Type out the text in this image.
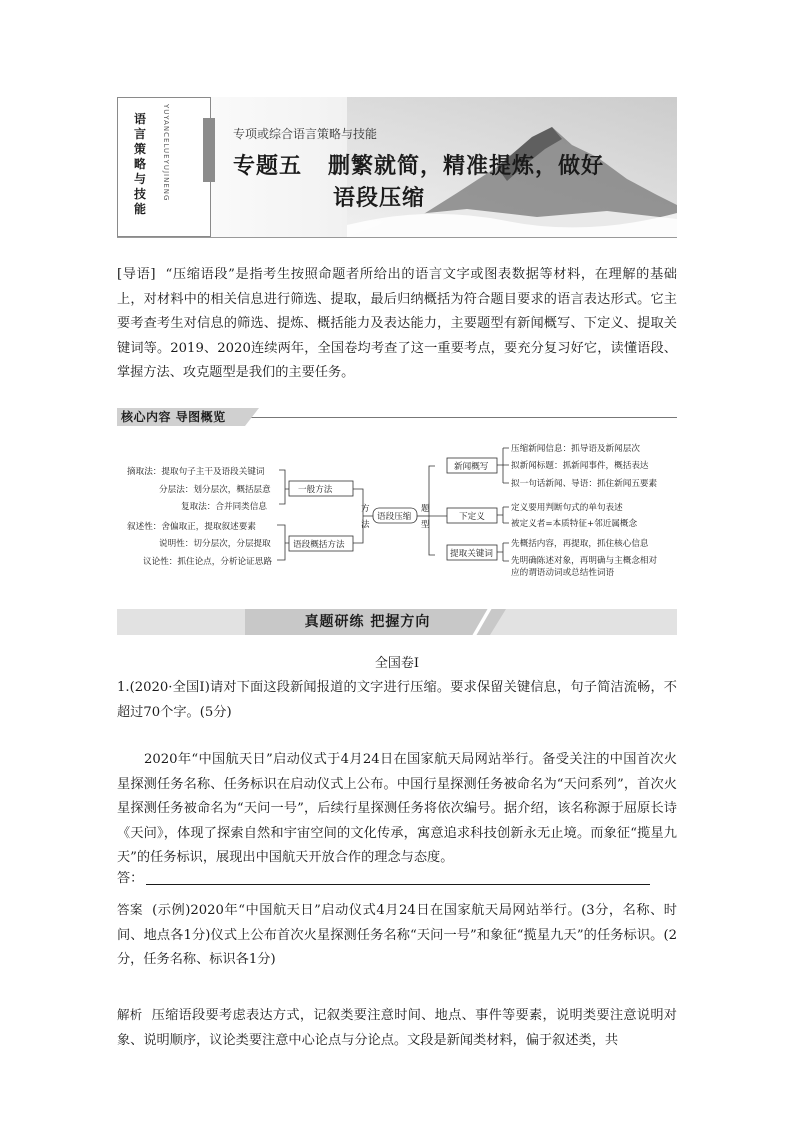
语言策略与技能
YUYANCELUEYUJINENG	专项或综合语言策略与技能
专题五 删繁就简，精准提炼，做好
语段压缩
[导语] “压缩语段”是指考生按照命题者所给出的语言文字或图表数据等材料，在理解的基础上，对材料中的相关信息进行筛选、提取，最后归纳概括为符合题目要求的语言表达形式。它主要考查考生对信息的筛选、提炼、概括能力及表达能力，主要题型有新闻概写、下定义、提取关键词等。2019、2020连续两年，全国卷均考查了这一重要考点，要充分复习好它，读懂语段、掌握方法、攻克题型是我们的主要任务。
核心内容 导图概览
摘取法：提取句子主干及语段关键词
分层法：划分层次，概括层意
复取法：合并同类信息
叙述性：舍偏取正，提取叙述要素
说明性：切分层次，分层提取
议论性：抓住论点，分析论证思路
一般方法
语段概括方法
方
法
语段压缩
题
型
新闻概写
下定义
提取关键词
压缩新闻信息：抓导语及新闻层次
拟新闻标题：抓新闻事件，概括表达
拟一句话新闻、导语：抓住新闻五要素
定义要用判断句式的单句表述
被定义者=本质特征+邻近属概念
先概括内容，再提取，抓住核心信息
先明确陈述对象，再明确与主概念相对
应的谓语动词或总结性词语
真题研练 把握方向
全国卷Ⅰ
1.(2020·全国Ⅰ)请对下面这段新闻报道的文字进行压缩。要求保留关键信息，句子简洁流畅，不超过70个字。(5分)
2020年“中国航天日”启动仪式于4月24日在国家航天局网站举行。备受关注的中国首次火星探测任务名称、任务标识在启动仪式上公布。中国行星探测任务被命名为“天问系列”，首次火星探测任务被命名为“天问一号”，后续行星探测任务将依次编号。据介绍，该名称源于屈原长诗《天问》，体现了探索自然和宇宙空间的文化传承，寓意追求科技创新永无止境。而象征“揽星九天”的任务标识，展现出中国航天开放合作的理念与态度。
答：
答案 (示例)2020年“中国航天日”启动仪式4月24日在国家航天局网站举行。(3分，名称、时间、地点各1分)仪式上公布首次火星探测任务名称“天问一号”和象征“揽星九天”的任务标识。(2分，任务名称、标识各1分)
解析 压缩语段要考虑表达方式，记叙类要注意时间、地点、事件等要素，说明类要注意说明对象、说明顺序，议论类要注意中心论点与分论点。文段是新闻类材料，偏于叙述类，共
